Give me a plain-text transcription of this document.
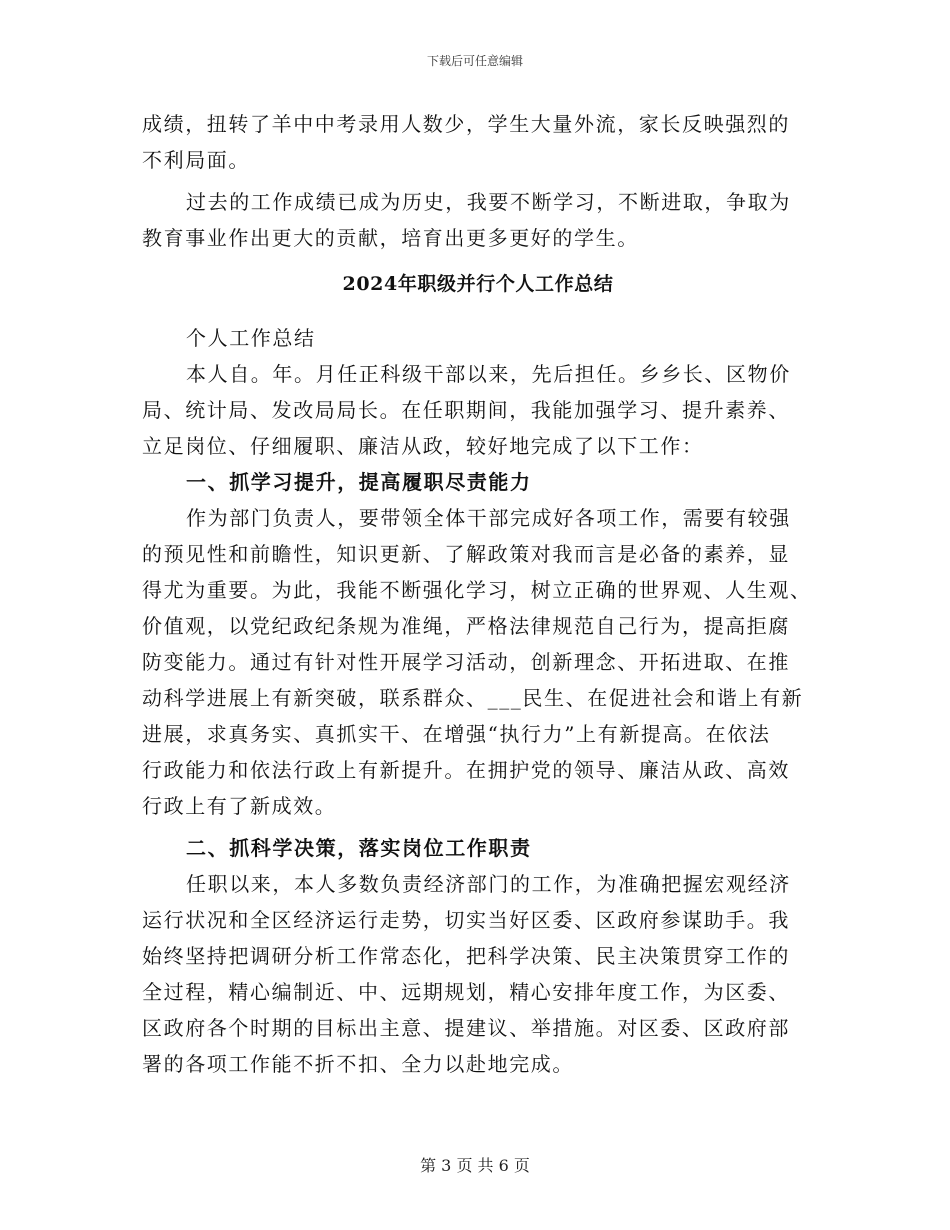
下载后可任意编辑
成绩，扭转了羊中中考录用人数少，学生大量外流，家长反映强烈的
不利局面。
过去的工作成绩已成为历史，我要不断学习，不断进取，争取为
教育事业作出更大的贡献，培育出更多更好的学生。
2024年职级并行个人工作总结
个人工作总结
本人自。年。月任正科级干部以来，先后担任。乡乡长、区物价
局、统计局、发改局局长。在任职期间，我能加强学习、提升素养、
立足岗位、仔细履职、廉洁从政，较好地完成了以下工作：
一、抓学习提升，提高履职尽责能力
作为部门负责人，要带领全体干部完成好各项工作，需要有较强
的预见性和前瞻性，知识更新、了解政策对我而言是必备的素养，显
得尤为重要。为此，我能不断强化学习，树立正确的世界观、人生观、
价值观，以党纪政纪条规为准绳，严格法律规范自己行为，提高拒腐
防变能力。通过有针对性开展学习活动，创新理念、开拓进取、在推
动科学进展上有新突破，联系群众、___民生、在促进社会和谐上有新
进展，求真务实、真抓实干、在增强“执行力”上有新提高。在依法
行政能力和依法行政上有新提升。在拥护党的领导、廉洁从政、高效
行政上有了新成效。
二、抓科学决策，落实岗位工作职责
任职以来，本人多数负责经济部门的工作，为准确把握宏观经济
运行状况和全区经济运行走势，切实当好区委、区政府参谋助手。我
始终坚持把调研分析工作常态化，把科学决策、民主决策贯穿工作的
全过程，精心编制近、中、远期规划，精心安排年度工作，为区委、
区政府各个时期的目标出主意、提建议、举措施。对区委、区政府部
署的各项工作能不折不扣、全力以赴地完成。
第 3 页 共 6 页
